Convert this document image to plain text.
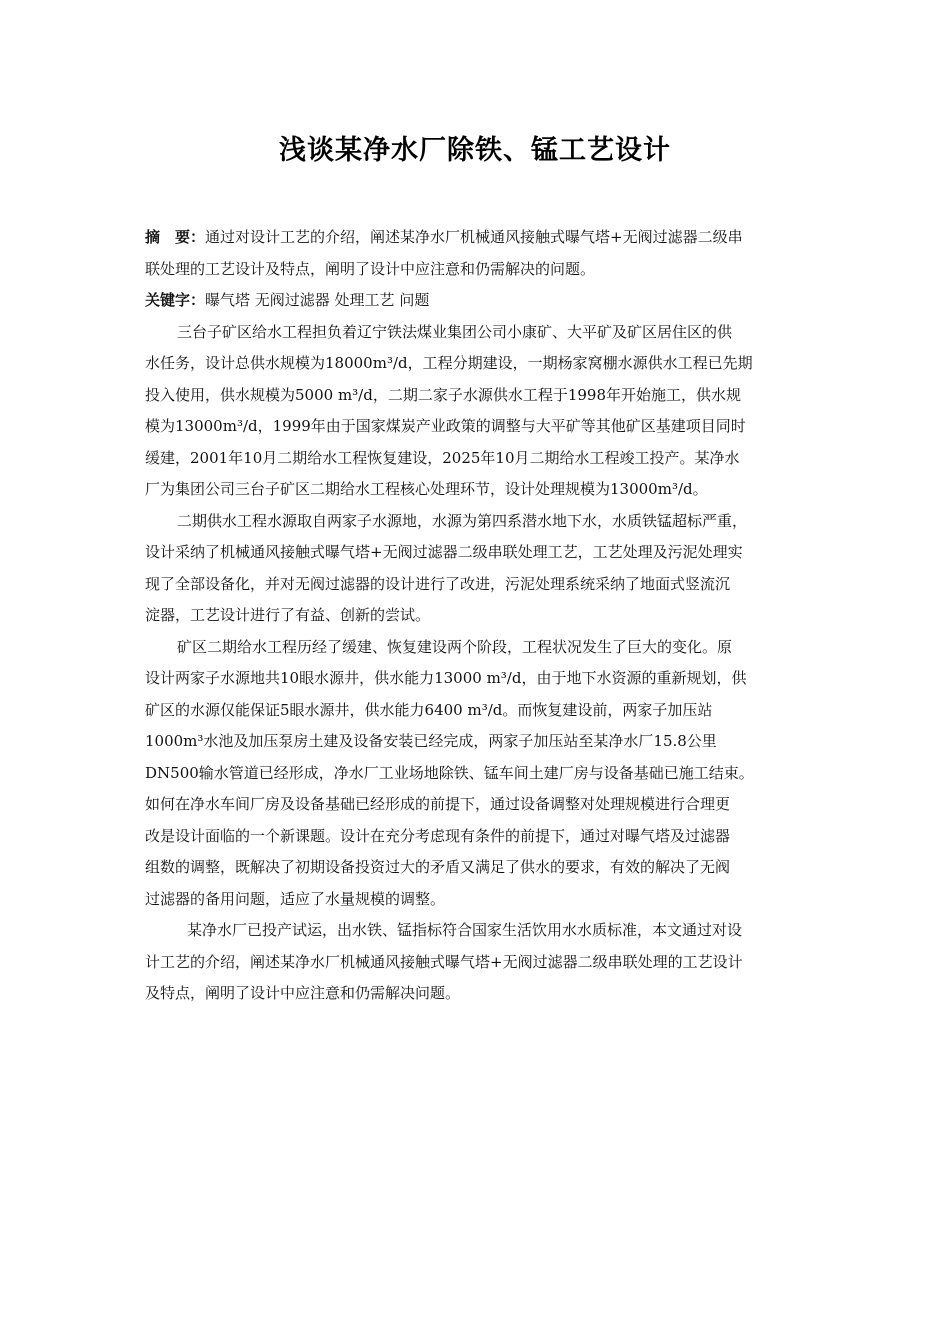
浅谈某净水厂除铁、锰工艺设计
摘　要：通过对设计工艺的介绍，阐述某净水厂机械通风接触式曝气塔+无阀过滤器二级串
联处理的工艺设计及特点，阐明了设计中应注意和仍需解决的问题。
关键字：曝气塔 无阀过滤器 处理工艺 问题
三台子矿区给水工程担负着辽宁铁法煤业集团公司小康矿、大平矿及矿区居住区的供
水任务，设计总供水规模为18000m³/d，工程分期建设，一期杨家窝棚水源供水工程已先期
投入使用，供水规模为5000 m³/d，二期二家子水源供水工程于1998年开始施工，供水规
模为13000m³/d，1999年由于国家煤炭产业政策的调整与大平矿等其他矿区基建项目同时
缓建，2001年10月二期给水工程恢复建设，2025年10月二期给水工程竣工投产。某净水
厂为集团公司三台子矿区二期给水工程核心处理环节，设计处理规模为13000m³/d。
二期供水工程水源取自两家子水源地，水源为第四系潜水地下水，水质铁锰超标严重，
设计采纳了机械通风接触式曝气塔+无阀过滤器二级串联处理工艺，工艺处理及污泥处理实
现了全部设备化，并对无阀过滤器的设计进行了改进，污泥处理系统采纳了地面式竖流沉
淀器，工艺设计进行了有益、创新的尝试。
矿区二期给水工程历经了缓建、恢复建设两个阶段，工程状况发生了巨大的变化。原
设计两家子水源地共10眼水源井，供水能力13000 m³/d，由于地下水资源的重新规划，供
矿区的水源仅能保证5眼水源井，供水能力6400 m³/d。而恢复建设前，两家子加压站
1000m³水池及加压泵房土建及设备安装已经完成，两家子加压站至某净水厂15.8公里
DN500输水管道已经形成，净水厂工业场地除铁、锰车间土建厂房与设备基础已施工结束。
如何在净水车间厂房及设备基础已经形成的前提下，通过设备调整对处理规模进行合理更
改是设计面临的一个新课题。设计在充分考虑现有条件的前提下，通过对曝气塔及过滤器
组数的调整，既解决了初期设备投资过大的矛盾又满足了供水的要求，有效的解决了无阀
过滤器的备用问题，适应了水量规模的调整。
某净水厂已投产试运，出水铁、锰指标符合国家生活饮用水水质标准，本文通过对设
计工艺的介绍，阐述某净水厂机械通风接触式曝气塔+无阀过滤器二级串联处理的工艺设计
及特点，阐明了设计中应注意和仍需解决问题。
